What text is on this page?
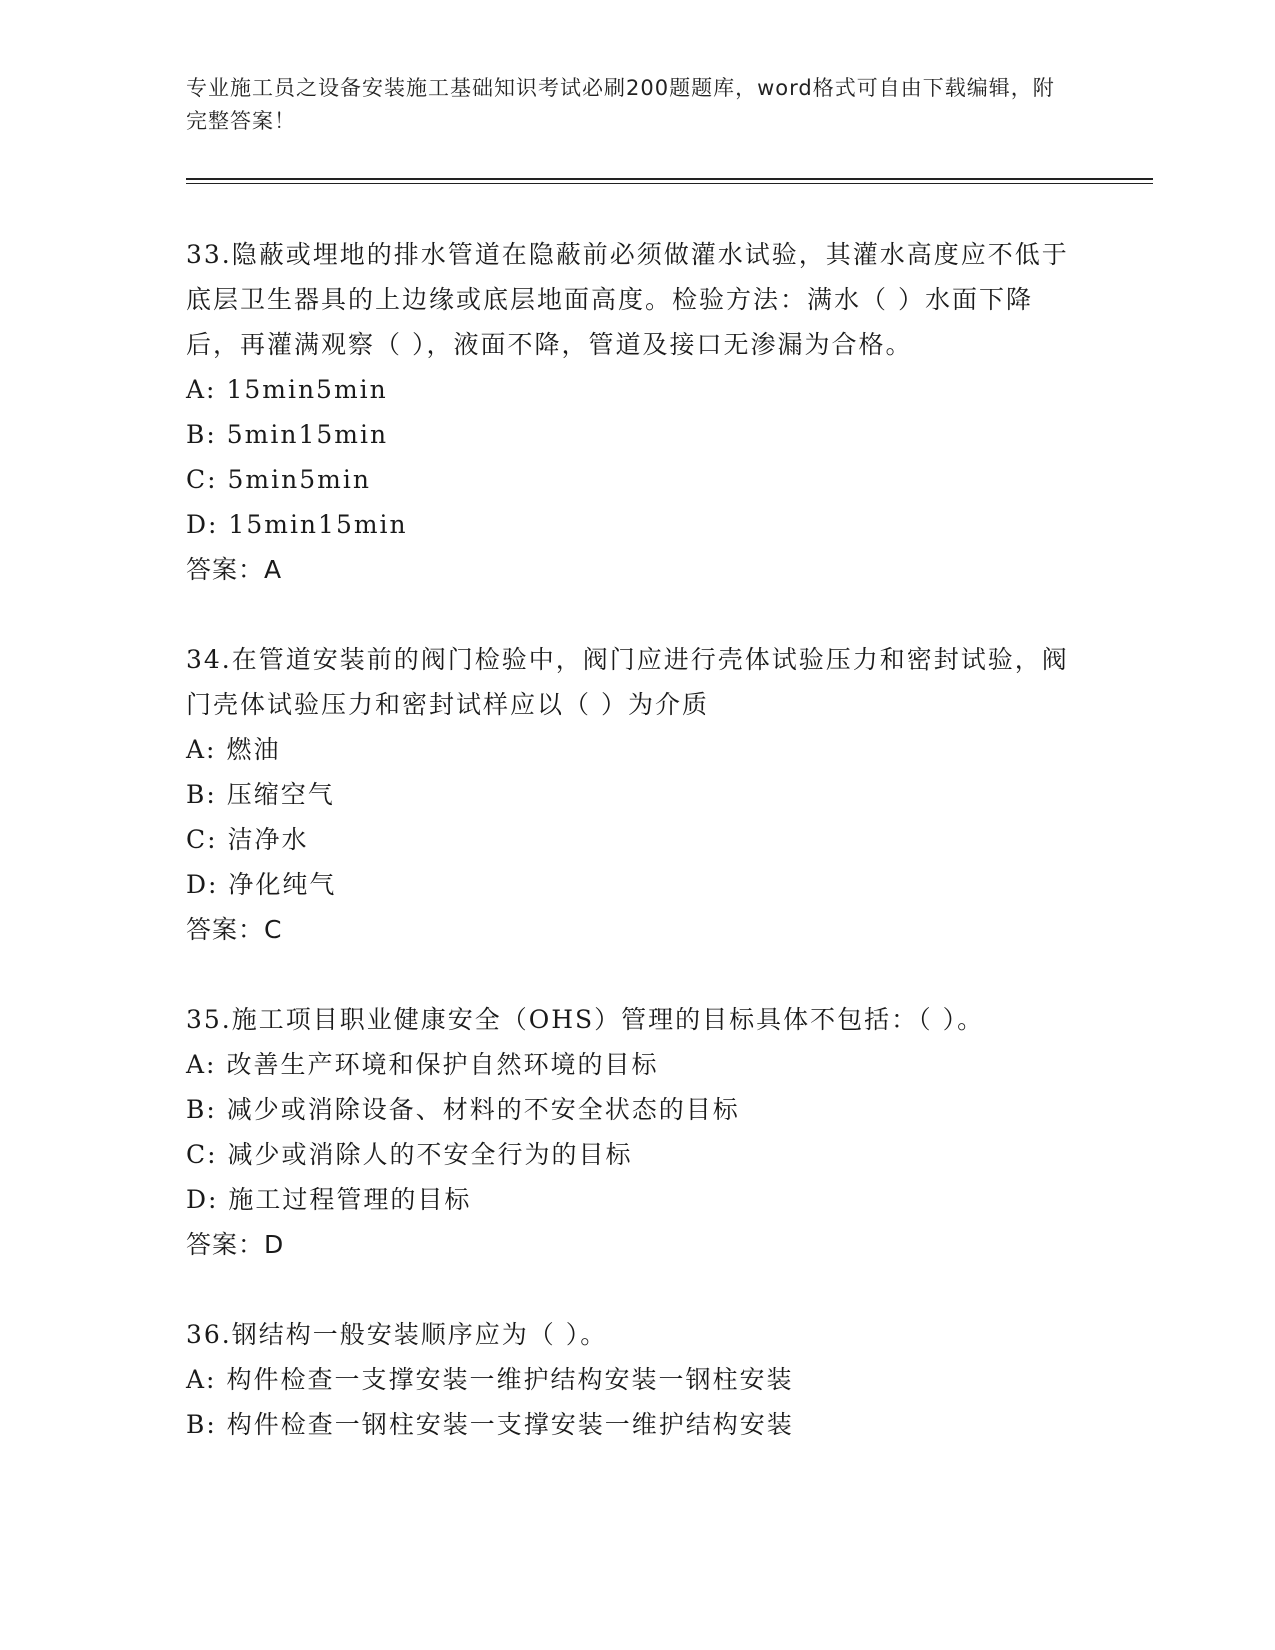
专业施工员之设备安装施工基础知识考试必刷200题题库，word格式可自由下载编辑，附完整答案！

33.隐蔽或埋地的排水管道在隐蔽前必须做灌水试验，其灌水高度应不低于底层卫生器具的上边缘或底层地面高度。检验方法：满水（ ）水面下降后，再灌满观察（ ），液面不降，管道及接口无渗漏为合格。

A: 15min5min

B: 5min15min

C: 5min5min

D: 15min15min

答案：A

34.在管道安装前的阀门检验中，阀门应进行壳体试验压力和密封试验，阀门壳体试验压力和密封试样应以（ ）为介质

A: 燃油

B: 压缩空气

C: 洁净水

D: 净化纯气

答案：C

35.施工项目职业健康安全（OHS）管理的目标具体不包括：（ ）。

A: 改善生产环境和保护自然环境的目标

B: 减少或消除设备、材料的不安全状态的目标

C: 减少或消除人的不安全行为的目标

D: 施工过程管理的目标

答案：D

36.钢结构一般安装顺序应为（ ）。

A: 构件检查一支撑安装一维护结构安装一钢柱安装

B: 构件检查一钢柱安装一支撑安装一维护结构安装
